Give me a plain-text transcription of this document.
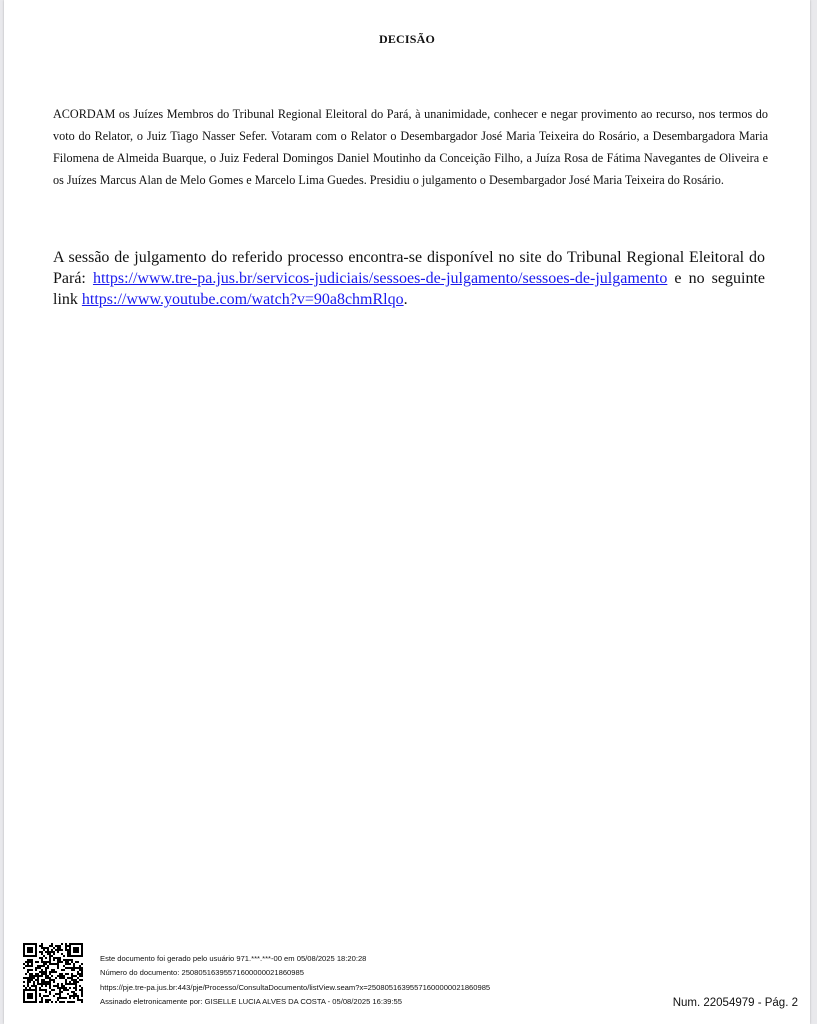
DECISÃO
ACORDAM os Juízes Membros do Tribunal Regional Eleitoral do Pará, à unanimidade, conhecer e negar provimento ao recurso, nos termos do voto do Relator, o Juiz Tiago Nasser Sefer. Votaram com o Relator o Desembargador José Maria Teixeira do Rosário, a Desembargadora Maria Filomena de Almeida Buarque, o Juiz Federal Domingos Daniel Moutinho da Conceição Filho, a Juíza Rosa de Fátima Navegantes de Oliveira e os Juízes Marcus Alan de Melo Gomes e Marcelo Lima Guedes. Presidiu o julgamento o Desembargador José Maria Teixeira do Rosário.
A sessão de julgamento do referido processo encontra-se disponível no site do Tribunal Regional Eleitoral do Pará: https://www.tre-pa.jus.br/servicos-judiciais/sessoes-de-julgamento/sessoes-de-julgamento e no seguinte link https://www.youtube.com/watch?v=90a8chmRlqo.
Este documento foi gerado pelo usuário 971.***.***-00 em 05/08/2025 18:20:28
Número do documento: 25080516395571600000021860985
https://pje.tre-pa.jus.br:443/pje/Processo/ConsultaDocumento/listView.seam?x=25080516395571600000021860985
Assinado eletronicamente por: GISELLE LUCIA ALVES DA COSTA - 05/08/2025 16:39:55	Num. 22054979 - Pág. 2
